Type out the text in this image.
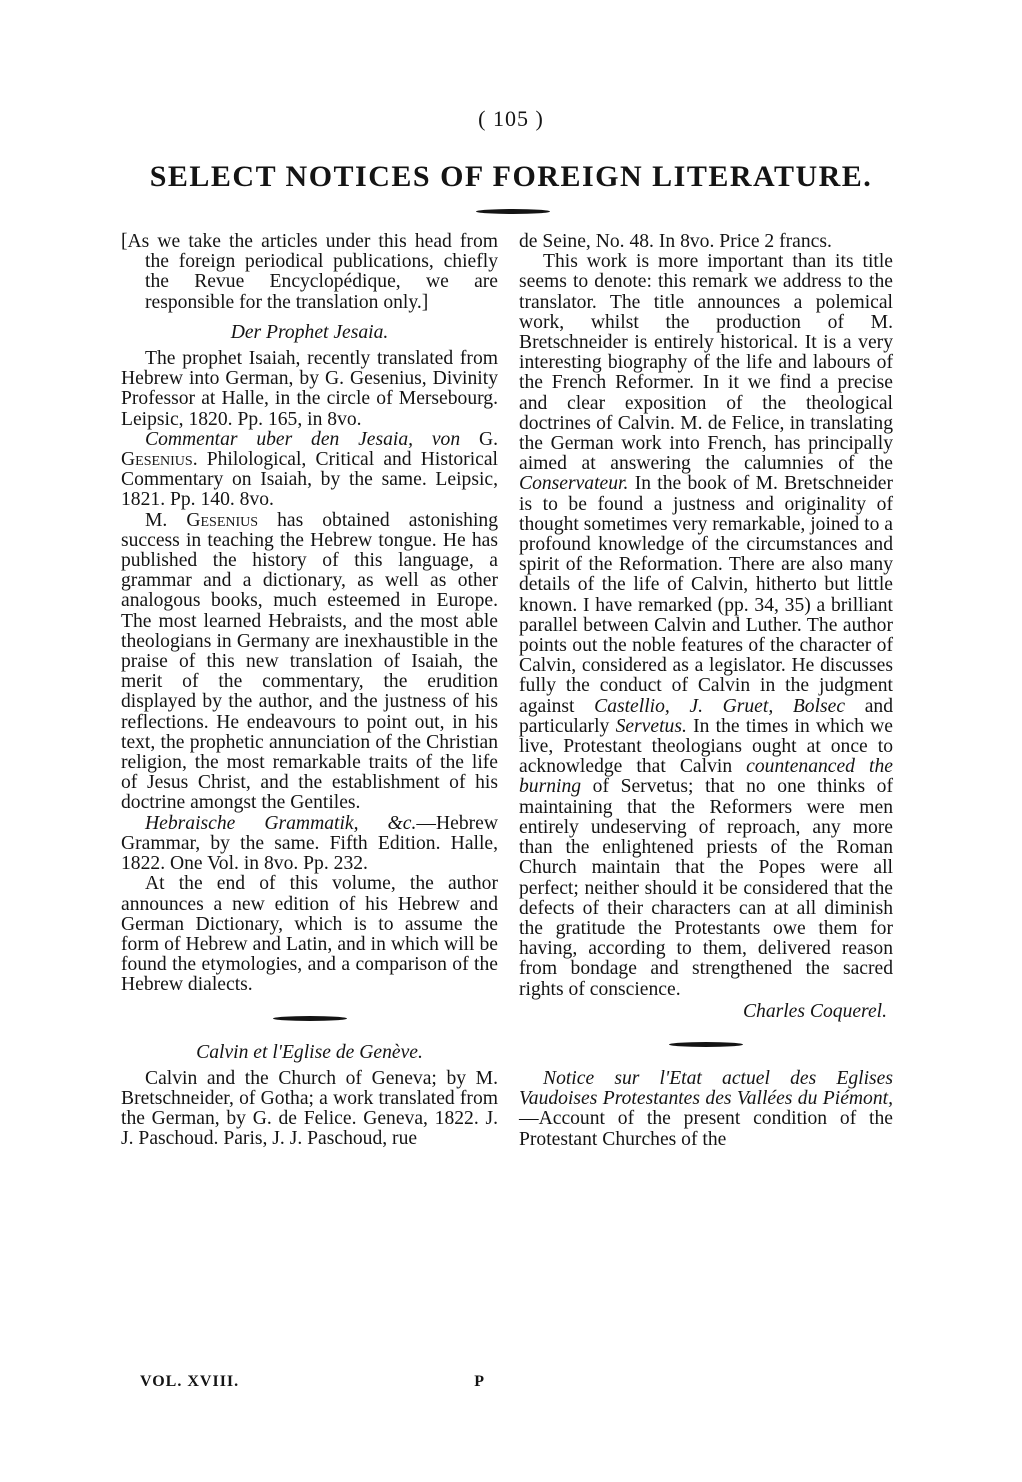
( 105 )
SELECT NOTICES OF FOREIGN LITERATURE.

[As we take the articles under this head from the foreign periodical publications, chiefly the Revue Encyclopédique, we are responsible for the translation only.]

Der Prophet Jesaia.

The prophet Isaiah, recently translated from Hebrew into German, by G. Gesenius, Divinity Professor at Halle, in the circle of Mersebourg. Leipsic, 1820. Pp. 165, in 8vo.

Commentar uber den Jesaia, von G. Gesenius. Philological, Critical and Historical Commentary on Isaiah, by the same. Leipsic, 1821. Pp. 140. 8vo.

M. Gesenius has obtained astonishing success in teaching the Hebrew tongue. He has published the history of this language, a grammar and a dictionary, as well as other analogous books, much esteemed in Europe. The most learned Hebraists, and the most able theologians in Germany are inexhaustible in the praise of this new translation of Isaiah, the merit of the commentary, the erudition displayed by the author, and the justness of his reflections. He endeavours to point out, in his text, the prophetic annunciation of the Christian religion, the most remarkable traits of the life of Jesus Christ, and the establishment of his doctrine amongst the Gentiles.

Hebraische Grammatik, &c.—Hebrew Grammar, by the same. Fifth Edition. Halle, 1822. One Vol. in 8vo. Pp. 232.

At the end of this volume, the author announces a new edition of his Hebrew and German Dictionary, which is to assume the form of Hebrew and Latin, and in which will be found the etymologies, and a comparison of the Hebrew dialects.

Calvin et l'Eglise de Genève.

Calvin and the Church of Geneva; by M. Bretschneider, of Gotha; a work translated from the German, by G. de Felice. Geneva, 1822. J. J. Paschoud. Paris, J. J. Paschoud, rue

de Seine, No. 48. In 8vo. Price 2 francs.

This work is more important than its title seems to denote: this remark we address to the translator. The title announces a polemical work, whilst the production of M. Bretschneider is entirely historical. It is a very interesting biography of the life and labours of the French Reformer. In it we find a precise and clear exposition of the theological doctrines of Calvin. M. de Felice, in translating the German work into French, has principally aimed at answering the calumnies of the Conservateur. In the book of M. Bretschneider is to be found a justness and originality of thought sometimes very remarkable, joined to a profound knowledge of the circumstances and spirit of the Reformation. There are also many details of the life of Calvin, hitherto but little known. I have remarked (pp. 34, 35) a brilliant parallel between Calvin and Luther. The author points out the noble features of the character of Calvin, considered as a legislator. He discusses fully the conduct of Calvin in the judgment against Castellio, J. Gruet, Bolsec and particularly Servetus. In the times in which we live, Protestant theologians ought at once to acknowledge that Calvin countenanced the burning of Servetus; that no one thinks of maintaining that the Reformers were men entirely undeserving of reproach, any more than the enlightened priests of the Roman Church maintain that the Popes were all perfect; neither should it be considered that the defects of their characters can at all diminish the gratitude the Protestants owe them for having, according to them, delivered reason from bondage and strengthened the sacred rights of conscience.

Charles Coquerel.

Notice sur l'Etat actuel des Eglises Vaudoises Protestantes des Vallées du Piémont,—Account of the present condition of the Protestant Churches of the

VOL. XVIII.	P
